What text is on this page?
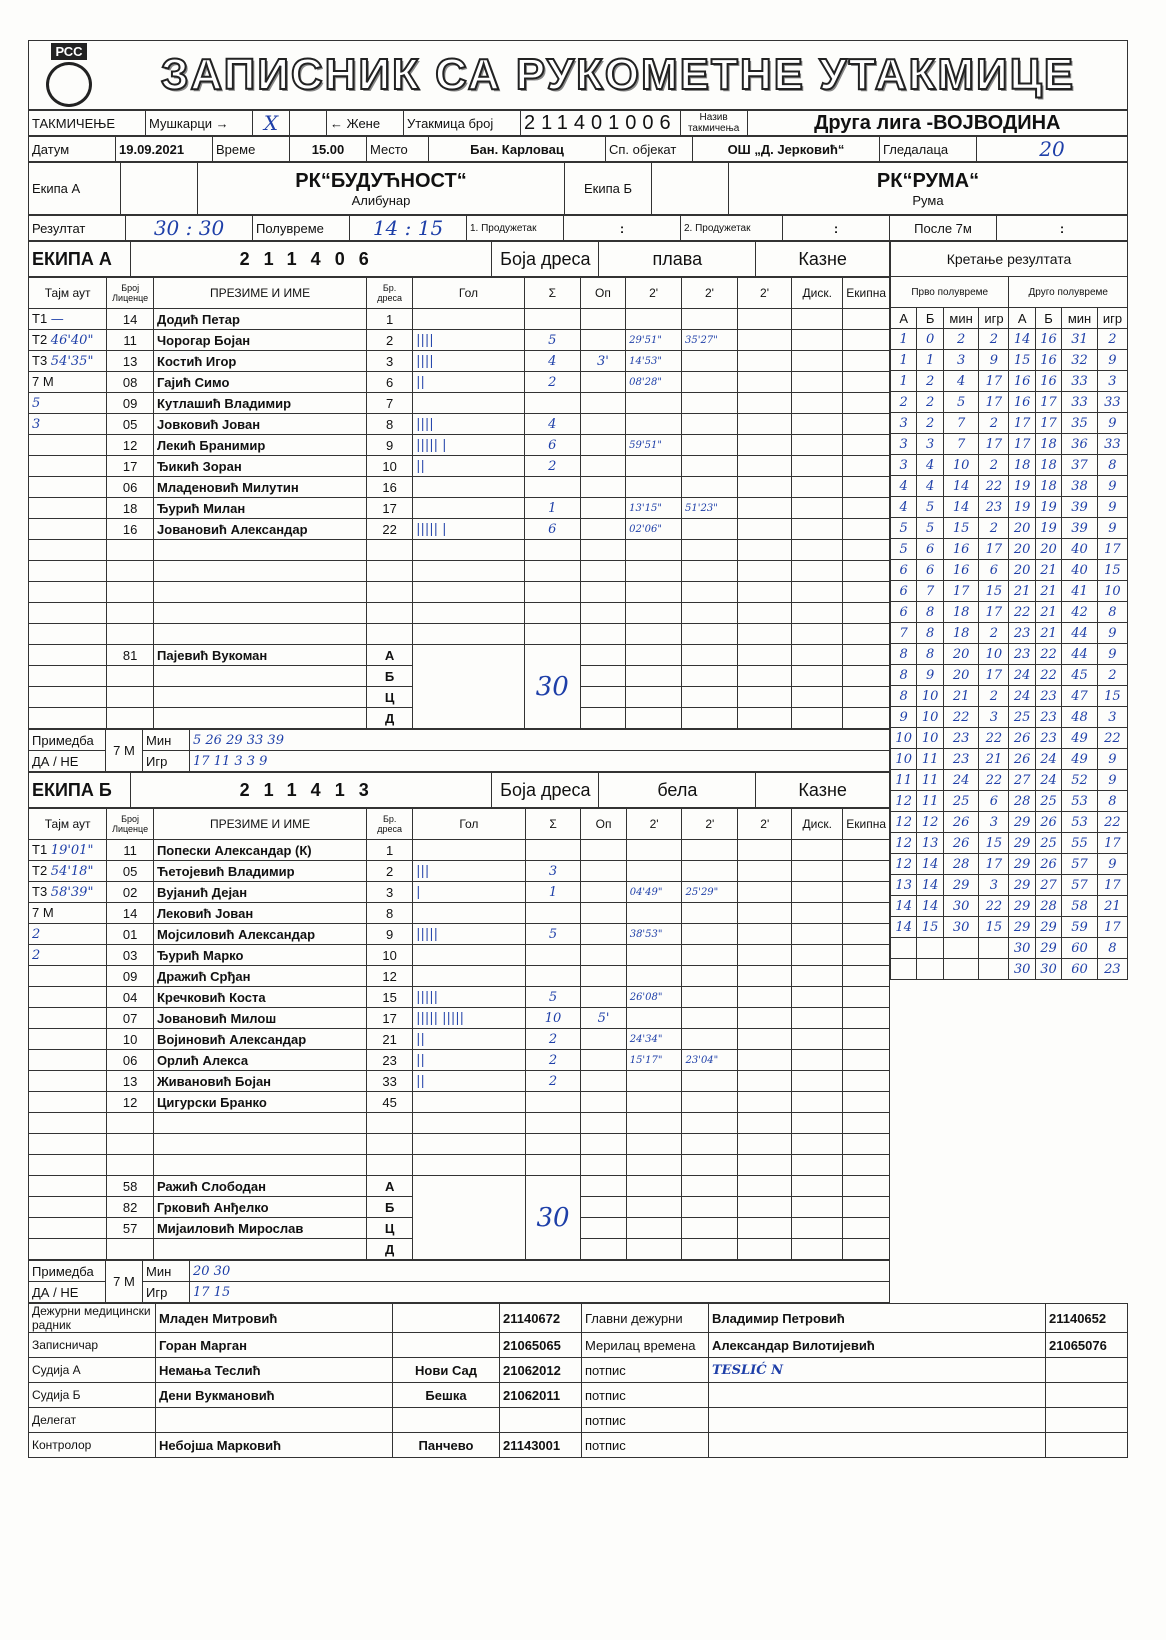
РСС	ЗАПИСНИК СА РУКОМЕТНЕ УТАКМИЦЕ
ТАКМИЧЕЊЕ	Мушкарци →	X		← Жене	Утакмица број	211401006	Назив такмичења	Друга лига -ВОЈВОДИНА
Датум	19.09.2021	Време	15.00	Место	Бан. Карловац	Сп. објекат	ОШ „Д. Јерковић“	Гледалаца	20
Екипа А		РК“БУДУЋНОСТ“
Алибунар
	Екипа Б		РК“РУМА“
Рума
Резултат	30 : 30	Полувреме	14 : 15	1. Продужетак	:	2. Продужетак	:	После 7м	:
ЕКИПА А	211406	Боја дреса	плава	Казне
Тајм аут	Број Лиценце	ПРЕЗИМЕ И ИМЕ	Бр. дреса	Гол	Σ	Оп	2'	2'	2'	Диск.	Екипна
T1 —	14	Додић Петар	1								
T2 46'40"	11	Чорогар Бојан	2	||||	5		29'51"	35'27"			
T3 54'35"	13	Костић Игор	3	||||	4	3'	14'53"				
7 M	08	Гајић Симо	6	||	2		08'28"				
5	09	Кутлашић Владимир	7								
3	05	Јовковић Јован	8	||||	4						
	12	Лекић Бранимир	9	||||| |	6		59'51"				
	17	Ђикић Зоран	10	||	2						
	06	Младеновић Милутин	16								
	18	Ђурић Милан	17		1		13'15"	51'23"			
	16	Јовановић Александар	22	||||| |	6		02'06"				

	81	Пајевић Вукоман	А		30						
			Б								
			Ц								
			Д								
Примедба	7 М	Мин	5 26 29 33 39
ДА / НЕ		Игр	17 11 3 3 9
ЕКИПА Б	211413	Боја дреса	бела	Казне
Тајм аут	Број Лиценце	ПРЕЗИМЕ И ИМЕ	Бр. дреса	Гол	Σ	Оп	2'	2'	2'	Диск.	Екипна
T1 19'01"	11	Попески Александар (К)	1								
T2 54'18"	05	Ћетојевић Владимир	2	|||	3						
T3 58'39"	02	Вујанић Дејан	3	|	1		04'49"	25'29"			
7 M	14	Лековић Јован	8								
2	01	Мојсиловић Александар	9	|||||	5		38'53"				
2	03	Ђурић Марко	10								
	09	Дражић Срђан	12								
	04	Кречковић Коста	15	|||||	5		26'08"				
	07	Јовановић Милош	17	||||| |||||	10	5'					
	10	Војиновић Александар	21	||	2		24'34"				
	06	Орлић Алекса	23	||	2		15'17"	23'04"			
	13	Живановић Бојан	33	||	2						
	12	Цигурски Бранко	45								

	58	Ражић Слободан	А		30						
	82	Грковић Анђелко	Б								
	57	Мијаиловић Мирослав	Ц								
			Д								
Примедба	7 М	Мин	20 30
ДА / НЕ		Игр	17 15
Кретање резултата							
Прво полувреме				Друго полувреме			
А	Б	мин	игр	А	Б	мин	игр
1	0	2	2	14	16	31	2
1	1	3	9	15	16	32	9
1	2	4	17	16	16	33	3
2	2	5	17	16	17	33	33
3	2	7	2	17	17	35	9
3	3	7	17	17	18	36	33
3	4	10	2	18	18	37	8
4	4	14	22	19	18	38	9
4	5	14	23	19	19	39	9
5	5	15	2	20	19	39	9
5	6	16	17	20	20	40	17
6	6	16	6	20	21	40	15
6	7	17	15	21	21	41	10
6	8	18	17	22	21	42	8
7	8	18	2	23	21	44	9
8	8	20	10	23	22	44	9
8	9	20	17	24	22	45	2
8	10	21	2	24	23	47	15
9	10	22	3	25	23	48	3
10	10	23	22	26	23	49	22
10	11	23	21	26	24	49	9
11	11	24	22	27	24	52	9
12	11	25	6	28	25	53	8
12	12	26	3	29	26	53	22
12	13	26	15	29	25	55	17
12	14	28	17	29	26	57	9
13	14	29	3	29	27	57	17
14	14	30	22	29	28	58	21
14	15	30	15	29	29	59	17
				30	29	60	8
				30	30	60	23
Дежурни медицински радник	Младен Митровић		21140672	Главни дежурни	Владимир Петровић	21140652
Записничар	Горан Марган		21065065	Мерилац времена	Александар Вилотијевић	21065076
Судија А	Немања Теслић	Нови Сад	21062012	потпис	TESLIĆ N	
Судија Б	Дени Вукмановић	Бешка	21062011	потпис		
Делегат				потпис		
Контролор	Небојша Марковић	Панчево	21143001	потпис		
